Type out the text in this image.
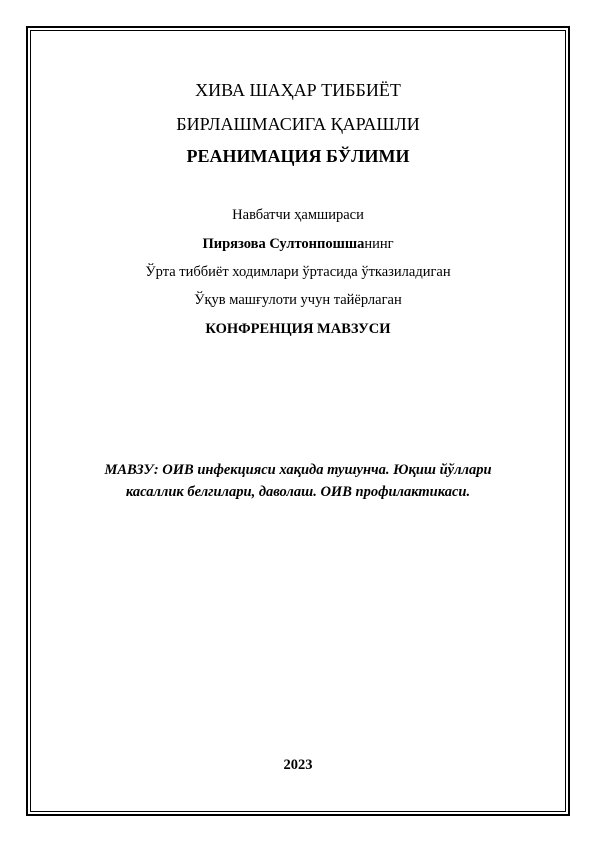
ХИВА ШАҲАР ТИББИЁТ
БИРЛАШМАСИГА ҚАРАШЛИ
РЕАНИМАЦИЯ БЎЛИМИ
Навбатчи ҳамшираси
Пирязова Султонпошшанинг
Ўрта тиббиёт ходимлари ўртасида ўтказиладиган
Ўқув машғулоти учун тайёрлаган
КОНФРЕНЦИЯ МАВЗУСИ
МАВЗУ: ОИВ инфекцияси хақида тушунча. Юқиш йўллари
касаллик белгилари, даволаш. ОИВ профилактикаси.
2023
